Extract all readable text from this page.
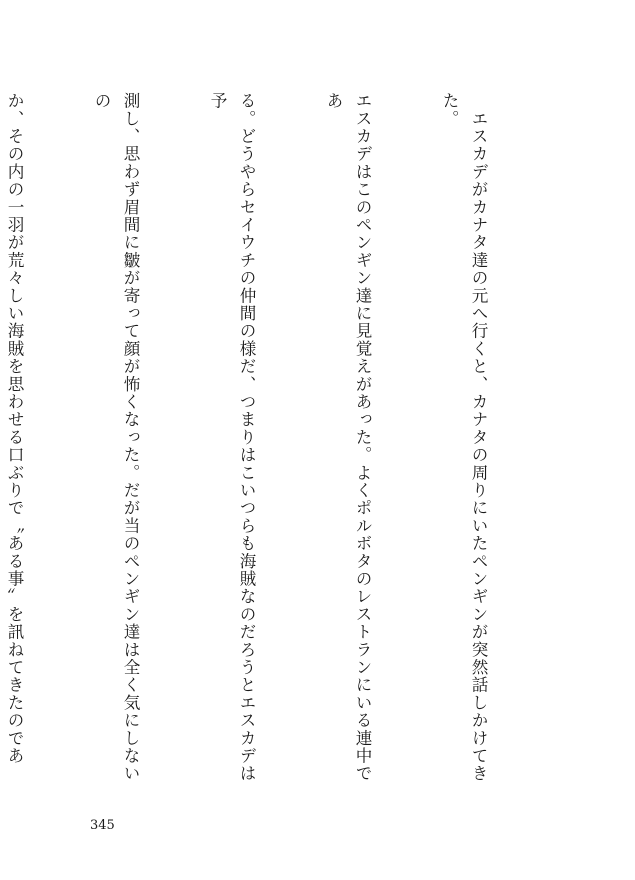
　エスカデがカナタ達の元へ行くと、カナタの周りにいたペンギンが突然話しかけてきた。

エスカデはこのペンギン達に見覚えがあった。よくポルボタのレストランにいる連中であ

る。どうやらセイウチの仲間の様だ、つまりはこいつらも海賊なのだろうとエスカデは予

測し、思わず眉間に皺が寄って顔が怖くなった。だが当のペンギン達は全く気にしないの

か、その内の一羽が荒々しい海賊を思わせる口ぶりで〝ある事〟を訊ねてきたのであ

345
